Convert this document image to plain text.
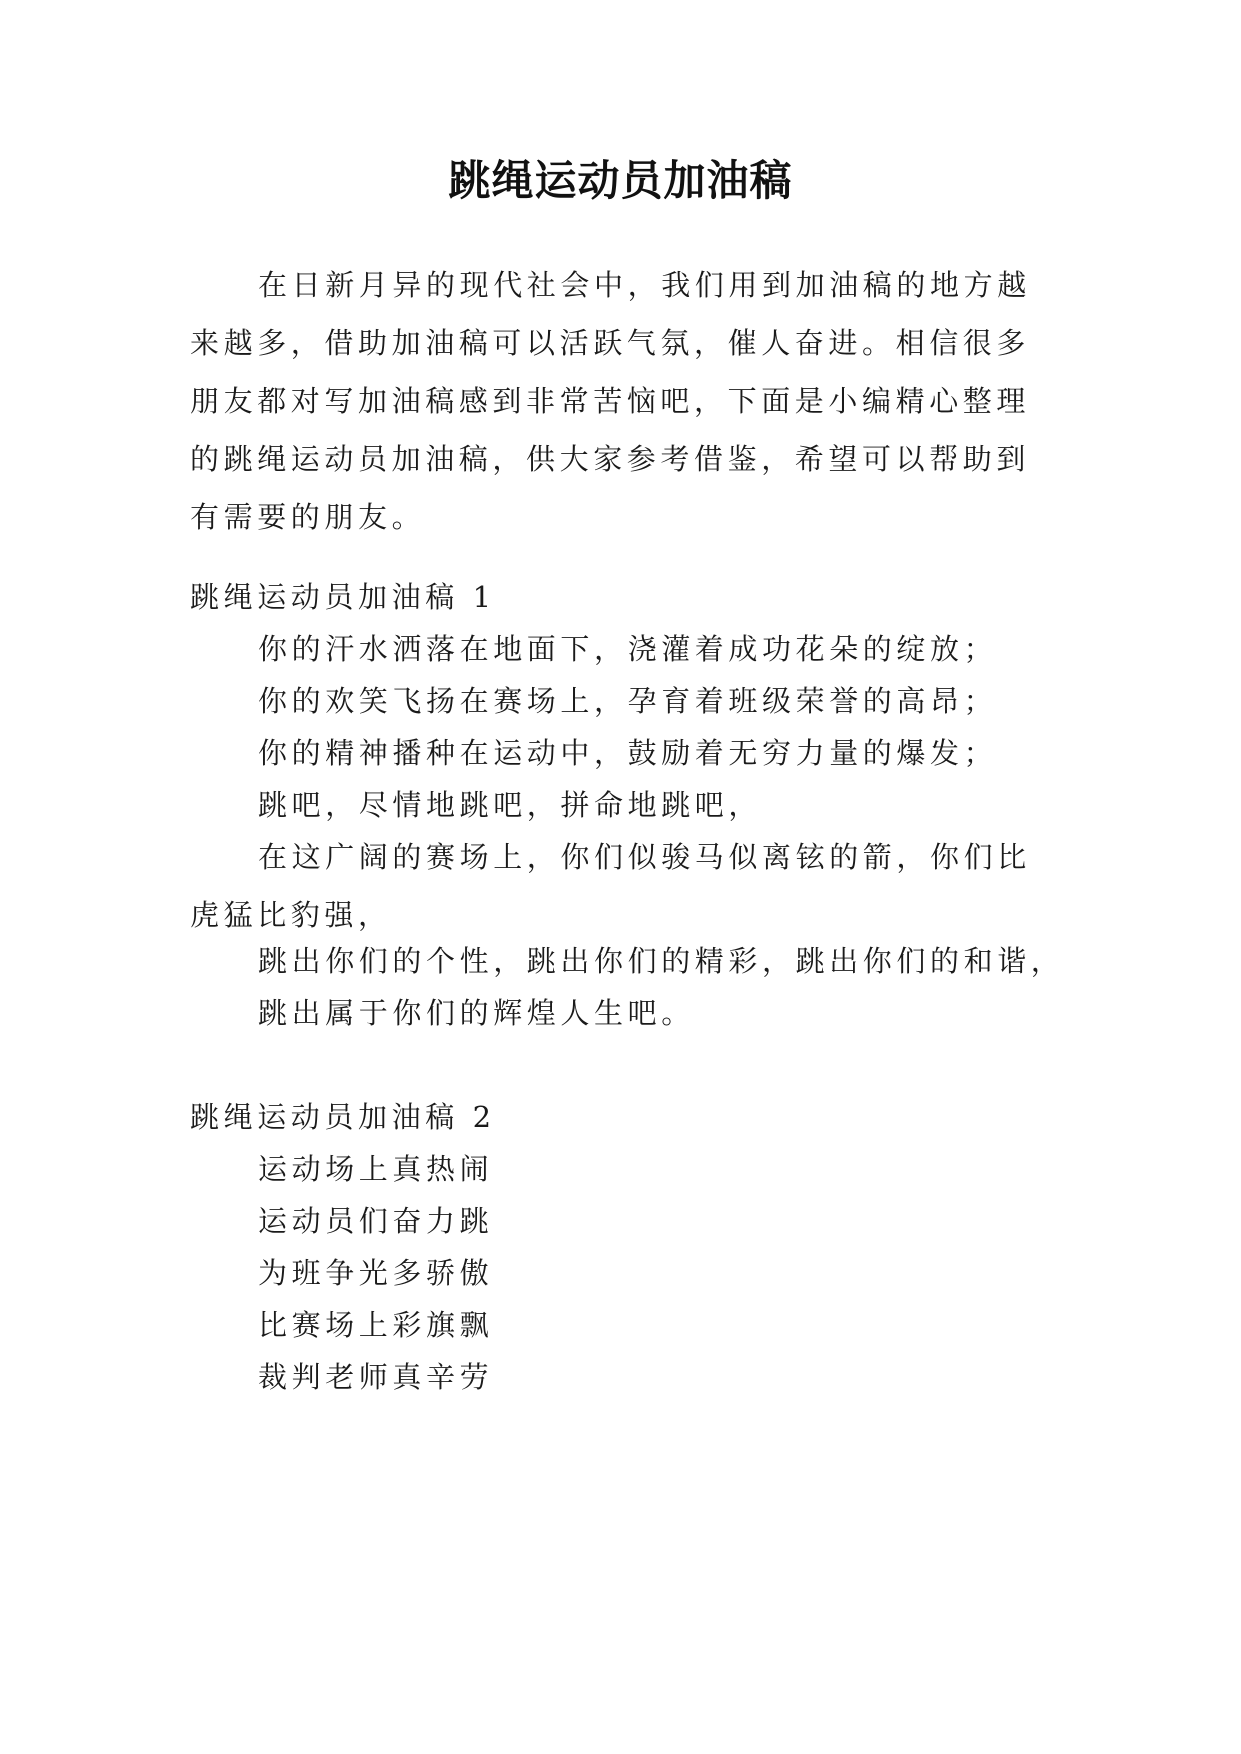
跳绳运动员加油稿

在日新月异的现代社会中，我们用到加油稿的地方越来越多，借助加油稿可以活跃气氛，催人奋进。相信很多朋友都对写加油稿感到非常苦恼吧，下面是小编精心整理的跳绳运动员加油稿，供大家参考借鉴，希望可以帮助到有需要的朋友。

跳绳运动员加油稿 1
你的汗水洒落在地面下，浇灌着成功花朵的绽放；
你的欢笑飞扬在赛场上，孕育着班级荣誉的高昂；
你的精神播种在运动中，鼓励着无穷力量的爆发；
跳吧，尽情地跳吧，拼命地跳吧，

在这广阔的赛场上，你们似骏马似离铉的箭，你们比虎猛比豹强，

跳出你们的个性，跳出你们的精彩，跳出你们的和谐，
跳出属于你们的辉煌人生吧。
跳绳运动员加油稿 2
运动场上真热闹
运动员们奋力跳
为班争光多骄傲
比赛场上彩旗飘
裁判老师真辛劳
